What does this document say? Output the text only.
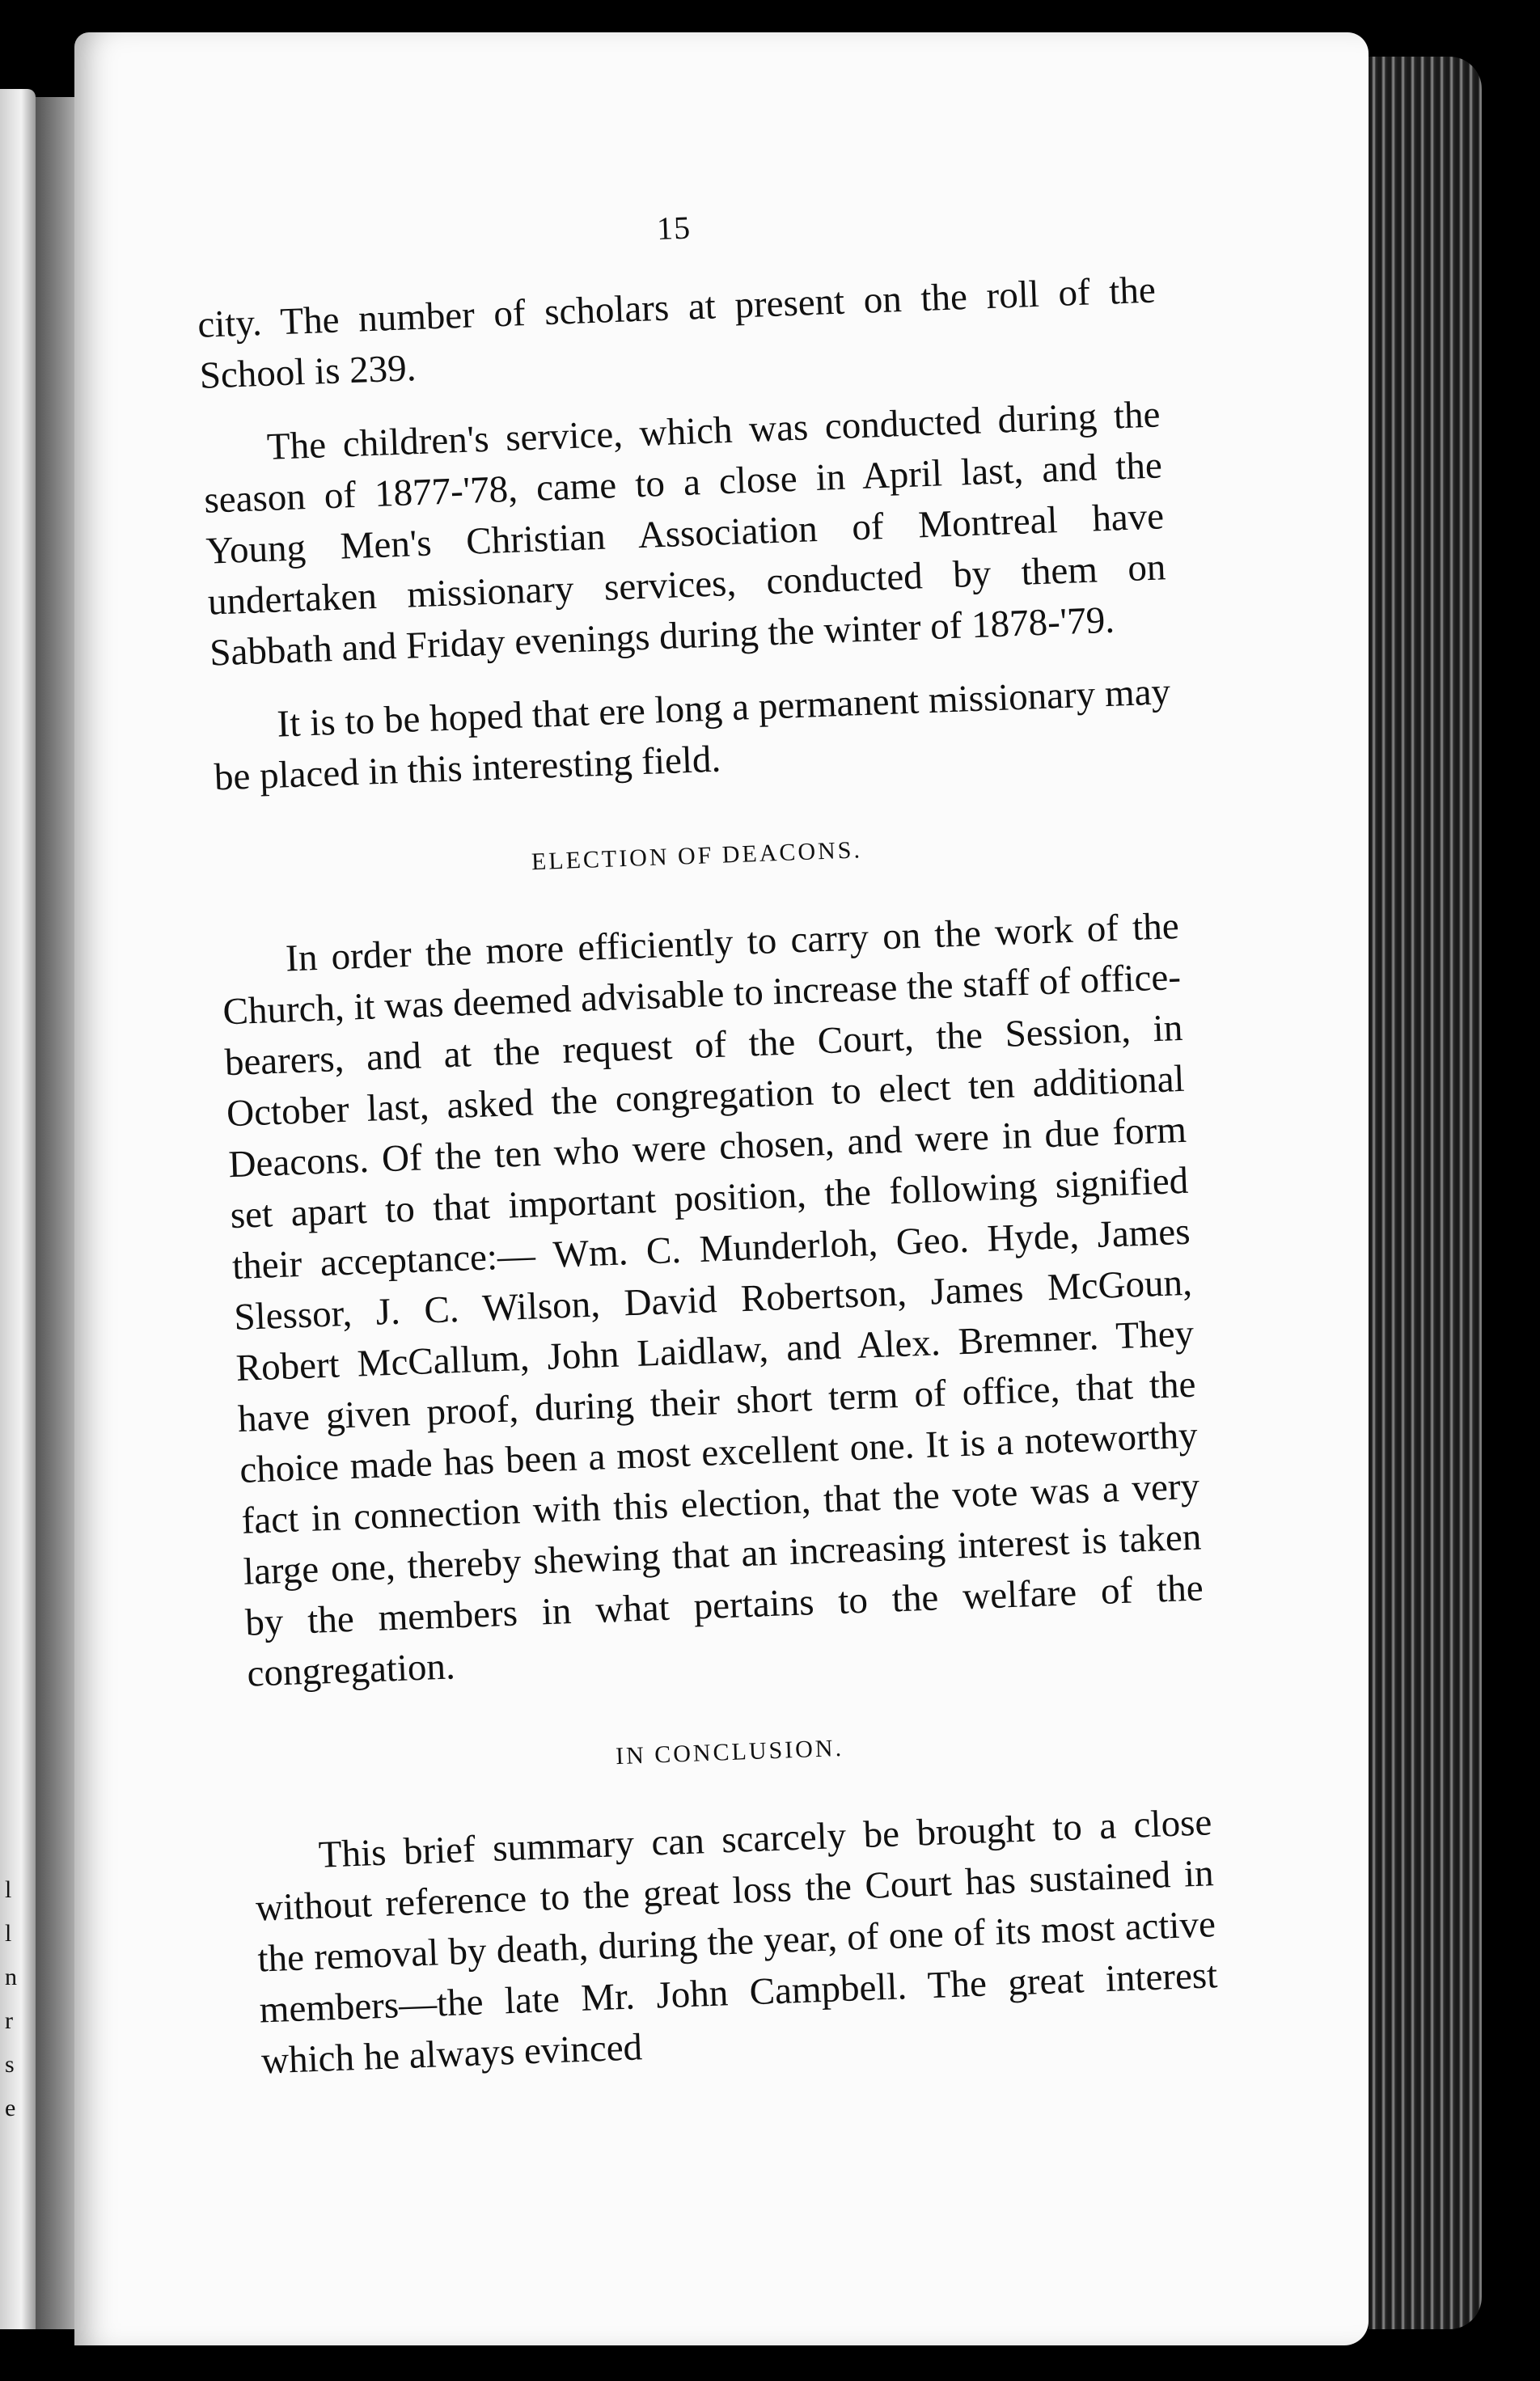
l
l
n
r
s
e
15

city. The number of scholars at present on the roll of the School is 239.

The children's service, which was conducted during the season of 1877-'78, came to a close in April last, and the Young Men's Christian Association of Montreal have undertaken missionary services, conducted by them on Sabbath and Friday evenings during the winter of 1878-'79.

It is to be hoped that ere long a permanent missionary may be placed in this interesting field.

ELECTION OF DEACONS.

In order the more efficiently to carry on the work of the Church, it was deemed advisable to increase the staff of office-bearers, and at the request of the Court, the Session, in October last, asked the congregation to elect ten additional Deacons. Of the ten who were chosen, and were in due form set apart to that important position, the following signified their acceptance:— Wm. C. Munderloh, Geo. Hyde, James Slessor, J. C. Wilson, David Robertson, James McGoun, Robert McCallum, John Laidlaw, and Alex. Bremner. They have given proof, during their short term of office, that the choice made has been a most excellent one. It is a noteworthy fact in connection with this election, that the vote was a very large one, thereby shewing that an increasing interest is taken by the members in what pertains to the welfare of the congregation.

IN CONCLUSION.

This brief summary can scarcely be brought to a close without reference to the great loss the Court has sustained in the removal by death, during the year, of one of its most active members—the late Mr. John Campbell. The great interest which he always evinced
